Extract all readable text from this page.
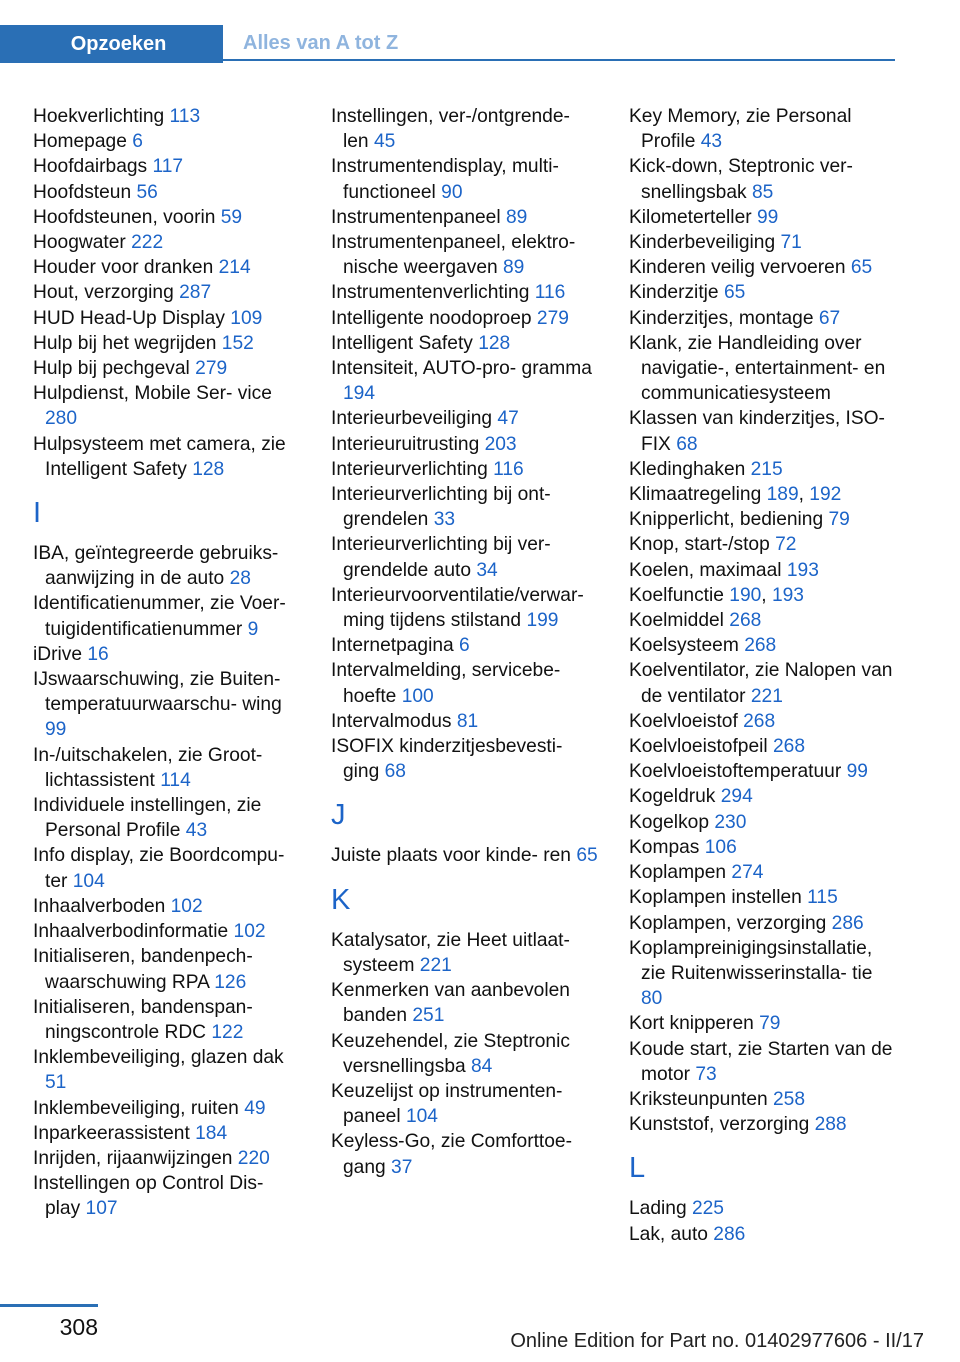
Opzoeken	Alles van A tot Z
Hoekverlichting 113
Homepage 6
Hoofdairbags 117
Hoofdsteun 56
Hoofdsteunen, voorin 59
Hoogwater 222
Houder voor dranken 214
Hout, verzorging 287
HUD Head-Up Display 109
Hulp bij het wegrijden 152
Hulp bij pechgeval 279
Hulpdienst, Mobile Ser‐ vice 280
Hulpsysteem met camera, zie Intelligent Safety 128
I
IBA, geïntegreerde gebruiks‐ aanwijzing in de auto 28
Identificatienummer, zie Voer‐ tuigidentificatienummer 9
iDrive 16
IJswaarschuwing, zie Buiten‐ temperatuurwaarschu‐ wing 99
In-/uitschakelen, zie Groot‐ lichtassistent 114
Individuele instellingen, zie Personal Profile 43
Info display, zie Boordcompu‐ ter 104
Inhaalverboden 102
Inhaalverbodinformatie 102
Initialiseren, bandenpech‐ waarschuwing RPA 126
Initialiseren, bandenspan‐ ningscontrole RDC 122
Inklembeveiliging, glazen dak 51
Inklembeveiliging, ruiten 49
Inparkeerassistent 184
Inrijden, rijaanwijzingen 220
Instellingen op Control Dis‐ play 107
Instellingen, ver-/ontgrende‐ len 45
Instrumentendisplay, multi‐ functioneel 90
Instrumentenpaneel 89
Instrumentenpaneel, elektro‐ nische weergaven 89
Instrumentenverlichting 116
Intelligente noodoproep 279
Intelligent Safety 128
Intensiteit, AUTO-pro‐ gramma 194
Interieurbeveiliging 47
Interieuruitrusting 203
Interieurverlichting 116
Interieurverlichting bij ont‐ grendelen 33
Interieurverlichting bij ver‐ grendelde auto 34
Interieurvoorventilatie/verwar‐ ming tijdens stilstand 199
Internetpagina 6
Intervalmelding, servicebe‐ hoefte 100
Intervalmodus 81
ISOFIX kinderzitjesbevesti‐ ging 68
J
Juiste plaats voor kinde‐ ren 65
K
Katalysator, zie Heet uitlaat‐ systeem 221
Kenmerken van aanbevolen banden 251
Keuzehendel, zie Steptronic versnellingsba 84
Keuzelijst op instrumenten‐ paneel 104
Keyless-Go, zie Comforttoe‐ gang 37
Key Memory, zie Personal Profile 43
Kick-down, Steptronic ver‐ snellingsbak 85
Kilometerteller 99
Kinderbeveiliging 71
Kinderen veilig vervoeren 65
Kinderzitje 65
Kinderzitjes, montage 67
Klank, zie Handleiding over navigatie-, entertainment- en communicatiesysteem
Klassen van kinderzitjes, ISO‐ FIX 68
Kledinghaken 215
Klimaatregeling 189, 192
Knipperlicht, bediening 79
Knop, start-/stop 72
Koelen, maximaal 193
Koelfunctie 190, 193
Koelmiddel 268
Koelsysteem 268
Koelventilator, zie Nalopen van de ventilator 221
Koelvloeistof 268
Koelvloeistofpeil 268
Koelvloeistoftemperatuur 99
Kogeldruk 294
Kogelkop 230
Kompas 106
Koplampen 274
Koplampen instellen 115
Koplampen, verzorging 286
Koplampreinigingsinstallatie, zie Ruitenwisserinstalla‐ tie 80
Kort knipperen 79
Koude start, zie Starten van de motor 73
Kriksteunpunten 258
Kunststof, verzorging 288
L
Lading 225
Lak, auto 286
308
Online Edition for Part no. 01402977606 - II/17
